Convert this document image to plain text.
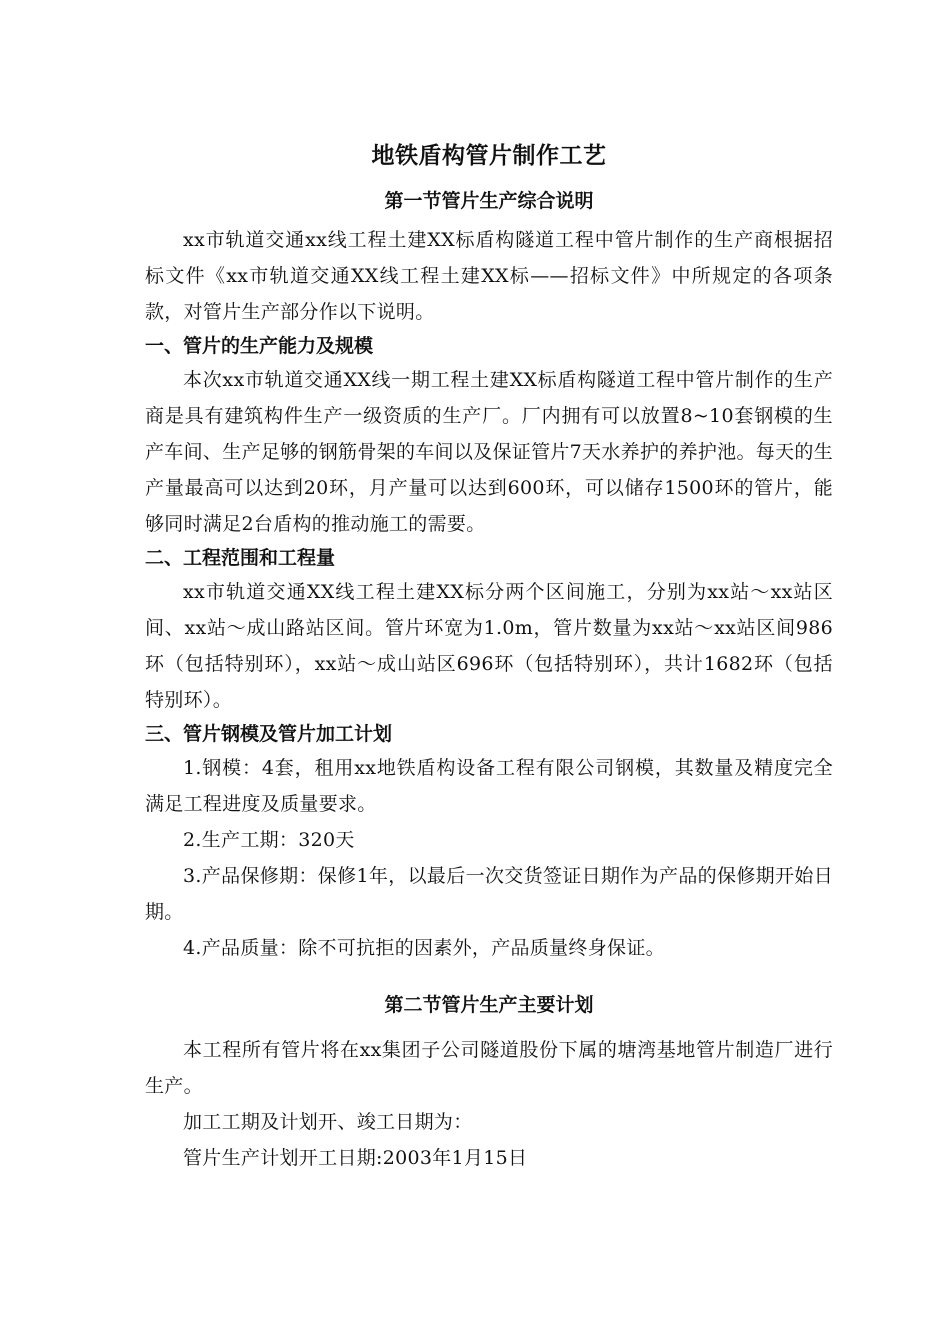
地铁盾构管片制作工艺
第一节管片生产综合说明

xx市轨道交通xx线工程土建XX标盾构隧道工程中管片制作的生产商根据招标文件《xx市轨道交通XX线工程土建XX标——招标文件》中所规定的各项条款，对管片生产部分作以下说明。

一、管片的生产能力及规模

本次xx市轨道交通XX线一期工程土建XX标盾构隧道工程中管片制作的生产商是具有建筑构件生产一级资质的生产厂。厂内拥有可以放置8~10套钢模的生产车间、生产足够的钢筋骨架的车间以及保证管片7天水养护的养护池。每天的生产量最高可以达到20环，月产量可以达到600环，可以储存1500环的管片，能够同时满足2台盾构的推动施工的需要。

二、工程范围和工程量

xx市轨道交通XX线工程土建XX标分两个区间施工，分别为xx站～xx站区间、xx站～成山路站区间。管片环宽为1.0m，管片数量为xx站～xx站区间986环（包括特别环），xx站～成山站区696环（包括特别环），共计1682环（包括特别环）。

三、管片钢模及管片加工计划

1.钢模：4套，租用xx地铁盾构设备工程有限公司钢模，其数量及精度完全满足工程进度及质量要求。

2.生产工期：320天

3.产品保修期：保修1年，以最后一次交货签证日期作为产品的保修期开始日期。

4.产品质量：除不可抗拒的因素外，产品质量终身保证。

第二节管片生产主要计划

本工程所有管片将在xx集团子公司隧道股份下属的塘湾基地管片制造厂进行生产。

加工工期及计划开、竣工日期为：

管片生产计划开工日期:2003年1月15日
